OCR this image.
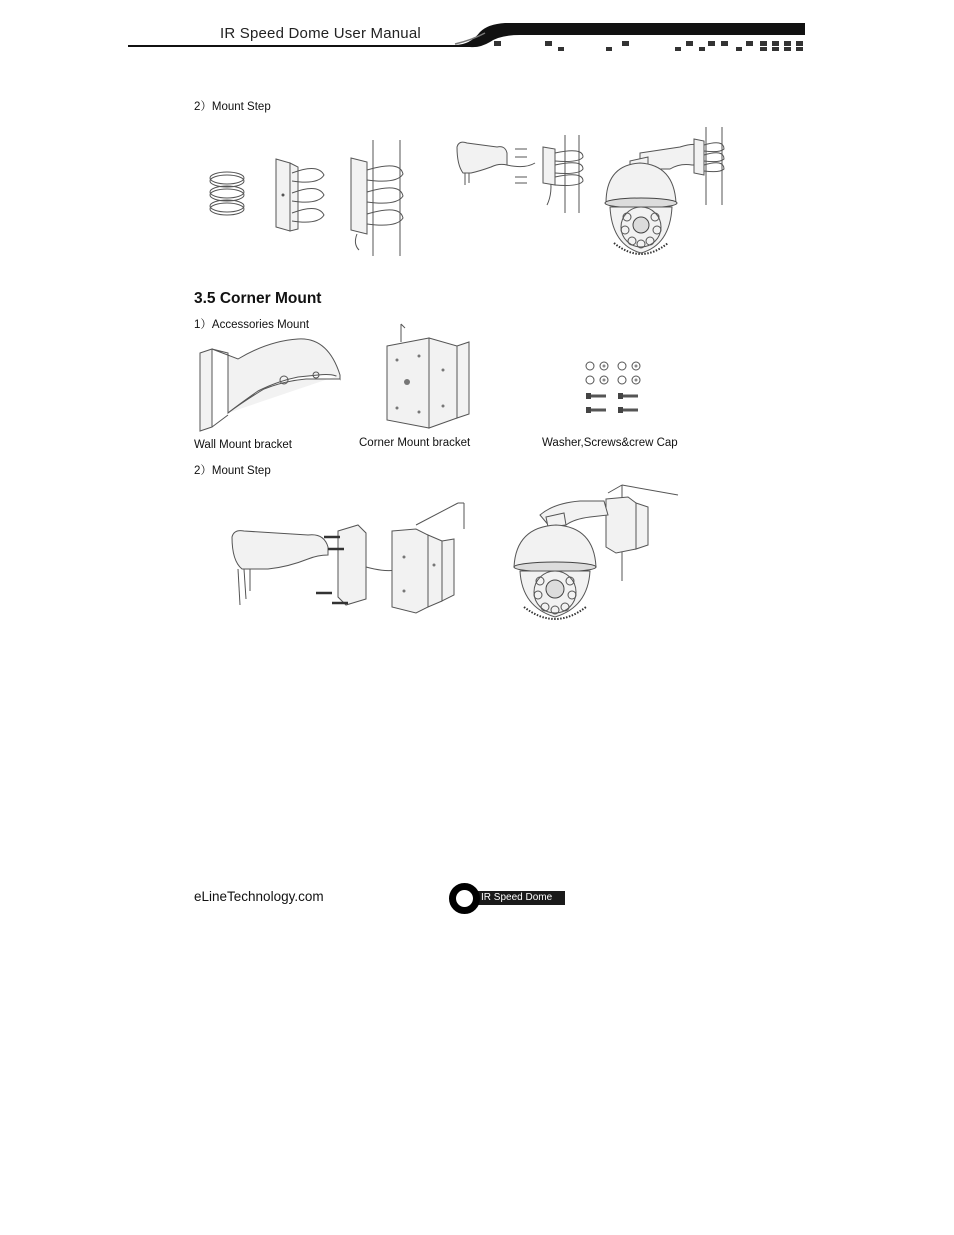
IR Speed Dome User Manual
2）Mount Step
3.5 Corner Mount
1）Accessories Mount
Wall Mount bracket	Corner Mount bracket	Washer,Screws&crew Cap
2）Mount Step
eLineTechnology.com	IR Speed Dome
